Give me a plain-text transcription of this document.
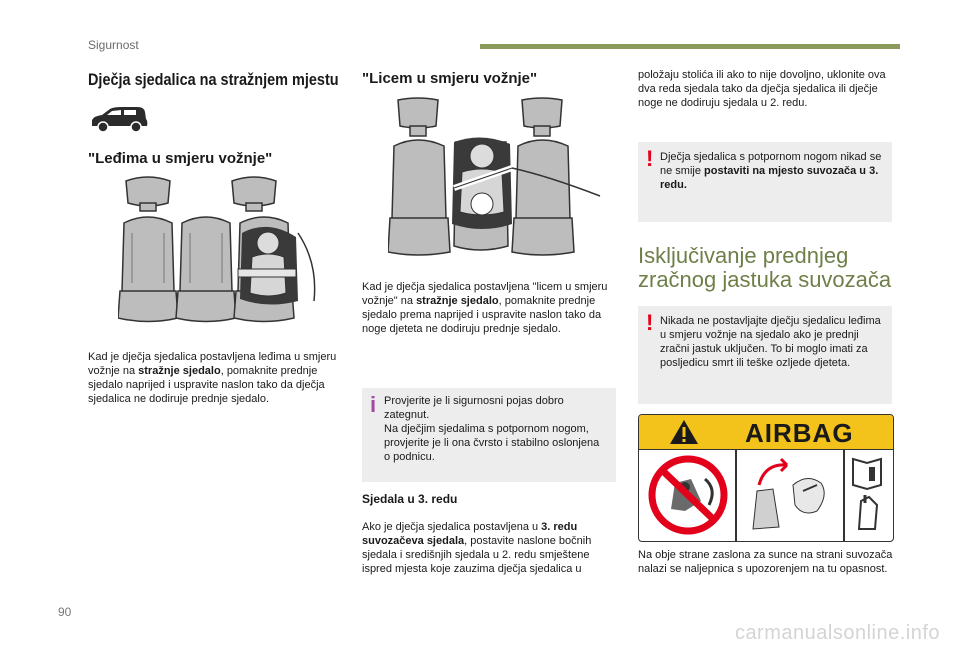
Sigurnost
Dječja sjedalica na stražnjem mjestu
"Leđima u smjeru vožnje"
Kad je dječja sjedalica postavljena leđima u smjeru vožnje na stražnje sjedalo, pomaknite prednje sjedalo naprijed i uspravite naslon tako da dječja sjedalica ne dodiruje prednje sjedalo.
"Licem u smjeru vožnje"
Kad je dječja sjedalica postavljena "licem u smjeru vožnje" na stražnje sjedalo, pomaknite prednje sjedalo prema naprijed i uspravite naslon tako da noge djeteta ne dodiruju prednje sjedalo.
i Provjerite je li sigurnosni pojas dobro zategnut.
Na dječjim sjedalima s potpornom nogom, provjerite je li ona čvrsto i stabilno oslonjena o podnicu.
Sjedala u 3. redu
Ako je dječja sjedalica postavljena u 3. redu suvozačeva sjedala, postavite naslone bočnih sjedala i središnjih sjedala u 2. redu smještene ispred mjesta koje zauzima dječja sjedalica u
položaju stolića ili ako to nije dovoljno, uklonite ova dva reda sjedala tako da dječja sjedalica ili dječje noge ne dodiruju sjedala u 2. redu.
! Dječja sjedalica s potpornom nogom nikad se ne smije postaviti na mjesto suvozača u 3. redu.
Isključivanje prednjeg zračnog jastuka suvozača
! Nikada ne postavljajte dječju sjedalicu leđima u smjeru vožnje na sjedalo ako je prednji zračni jastuk uključen. To bi moglo imati za posljedicu smrt ili teške ozljede djeteta.
AIRBAG
Na obje strane zaslona za sunce na strani suvozača nalazi se naljepnica s upozorenjem na tu opasnost.
90
carmanualsonline.info
